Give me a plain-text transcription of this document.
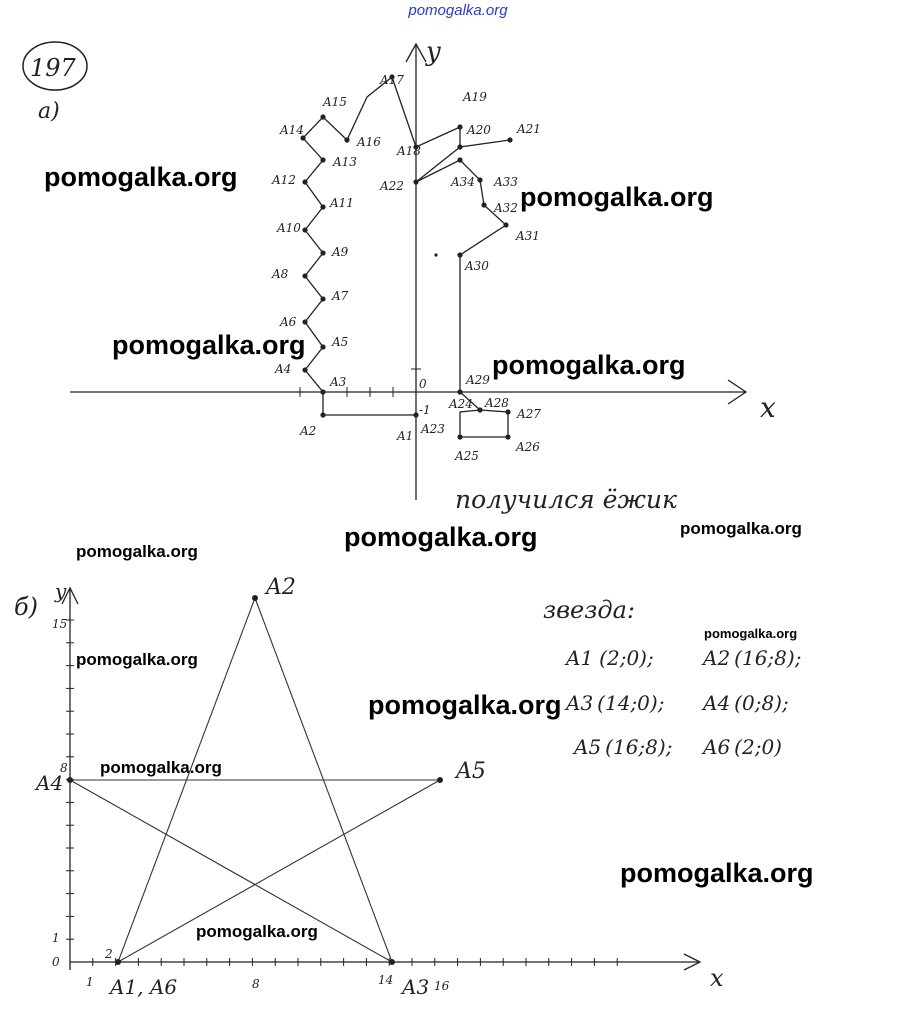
pomogalka.org
197
а)
y
x
0
-1
A1
A2
A3
A4
A5
A6
A7
A8
A9
A10
A11
A12
A13
A14
A15
A16
A17
A18
A19
A20 A21
A22
A23
A24
A25
A26
A27
A28
A29
A30
A31
A32
A33
A34
получился ёжик
б)
y
x
0
1
2
8	14	16
1
8
15
A2
A5
A4
A1, A6	A3
звезда:
A1 (2;0); A2 (16;8);
A3 (14;0); A4 (0;8);
A5 (16;8); A6 (2;0)
pomogalka.org
pomogalka.org
pomogalka.org
pomogalka.org
pomogalka.org	pomogalka.org
pomogalka.org
pomogalka.org
pomogalka.org
pomogalka.org
pomogalka.org
pomogalka.org
pomogalka.org
